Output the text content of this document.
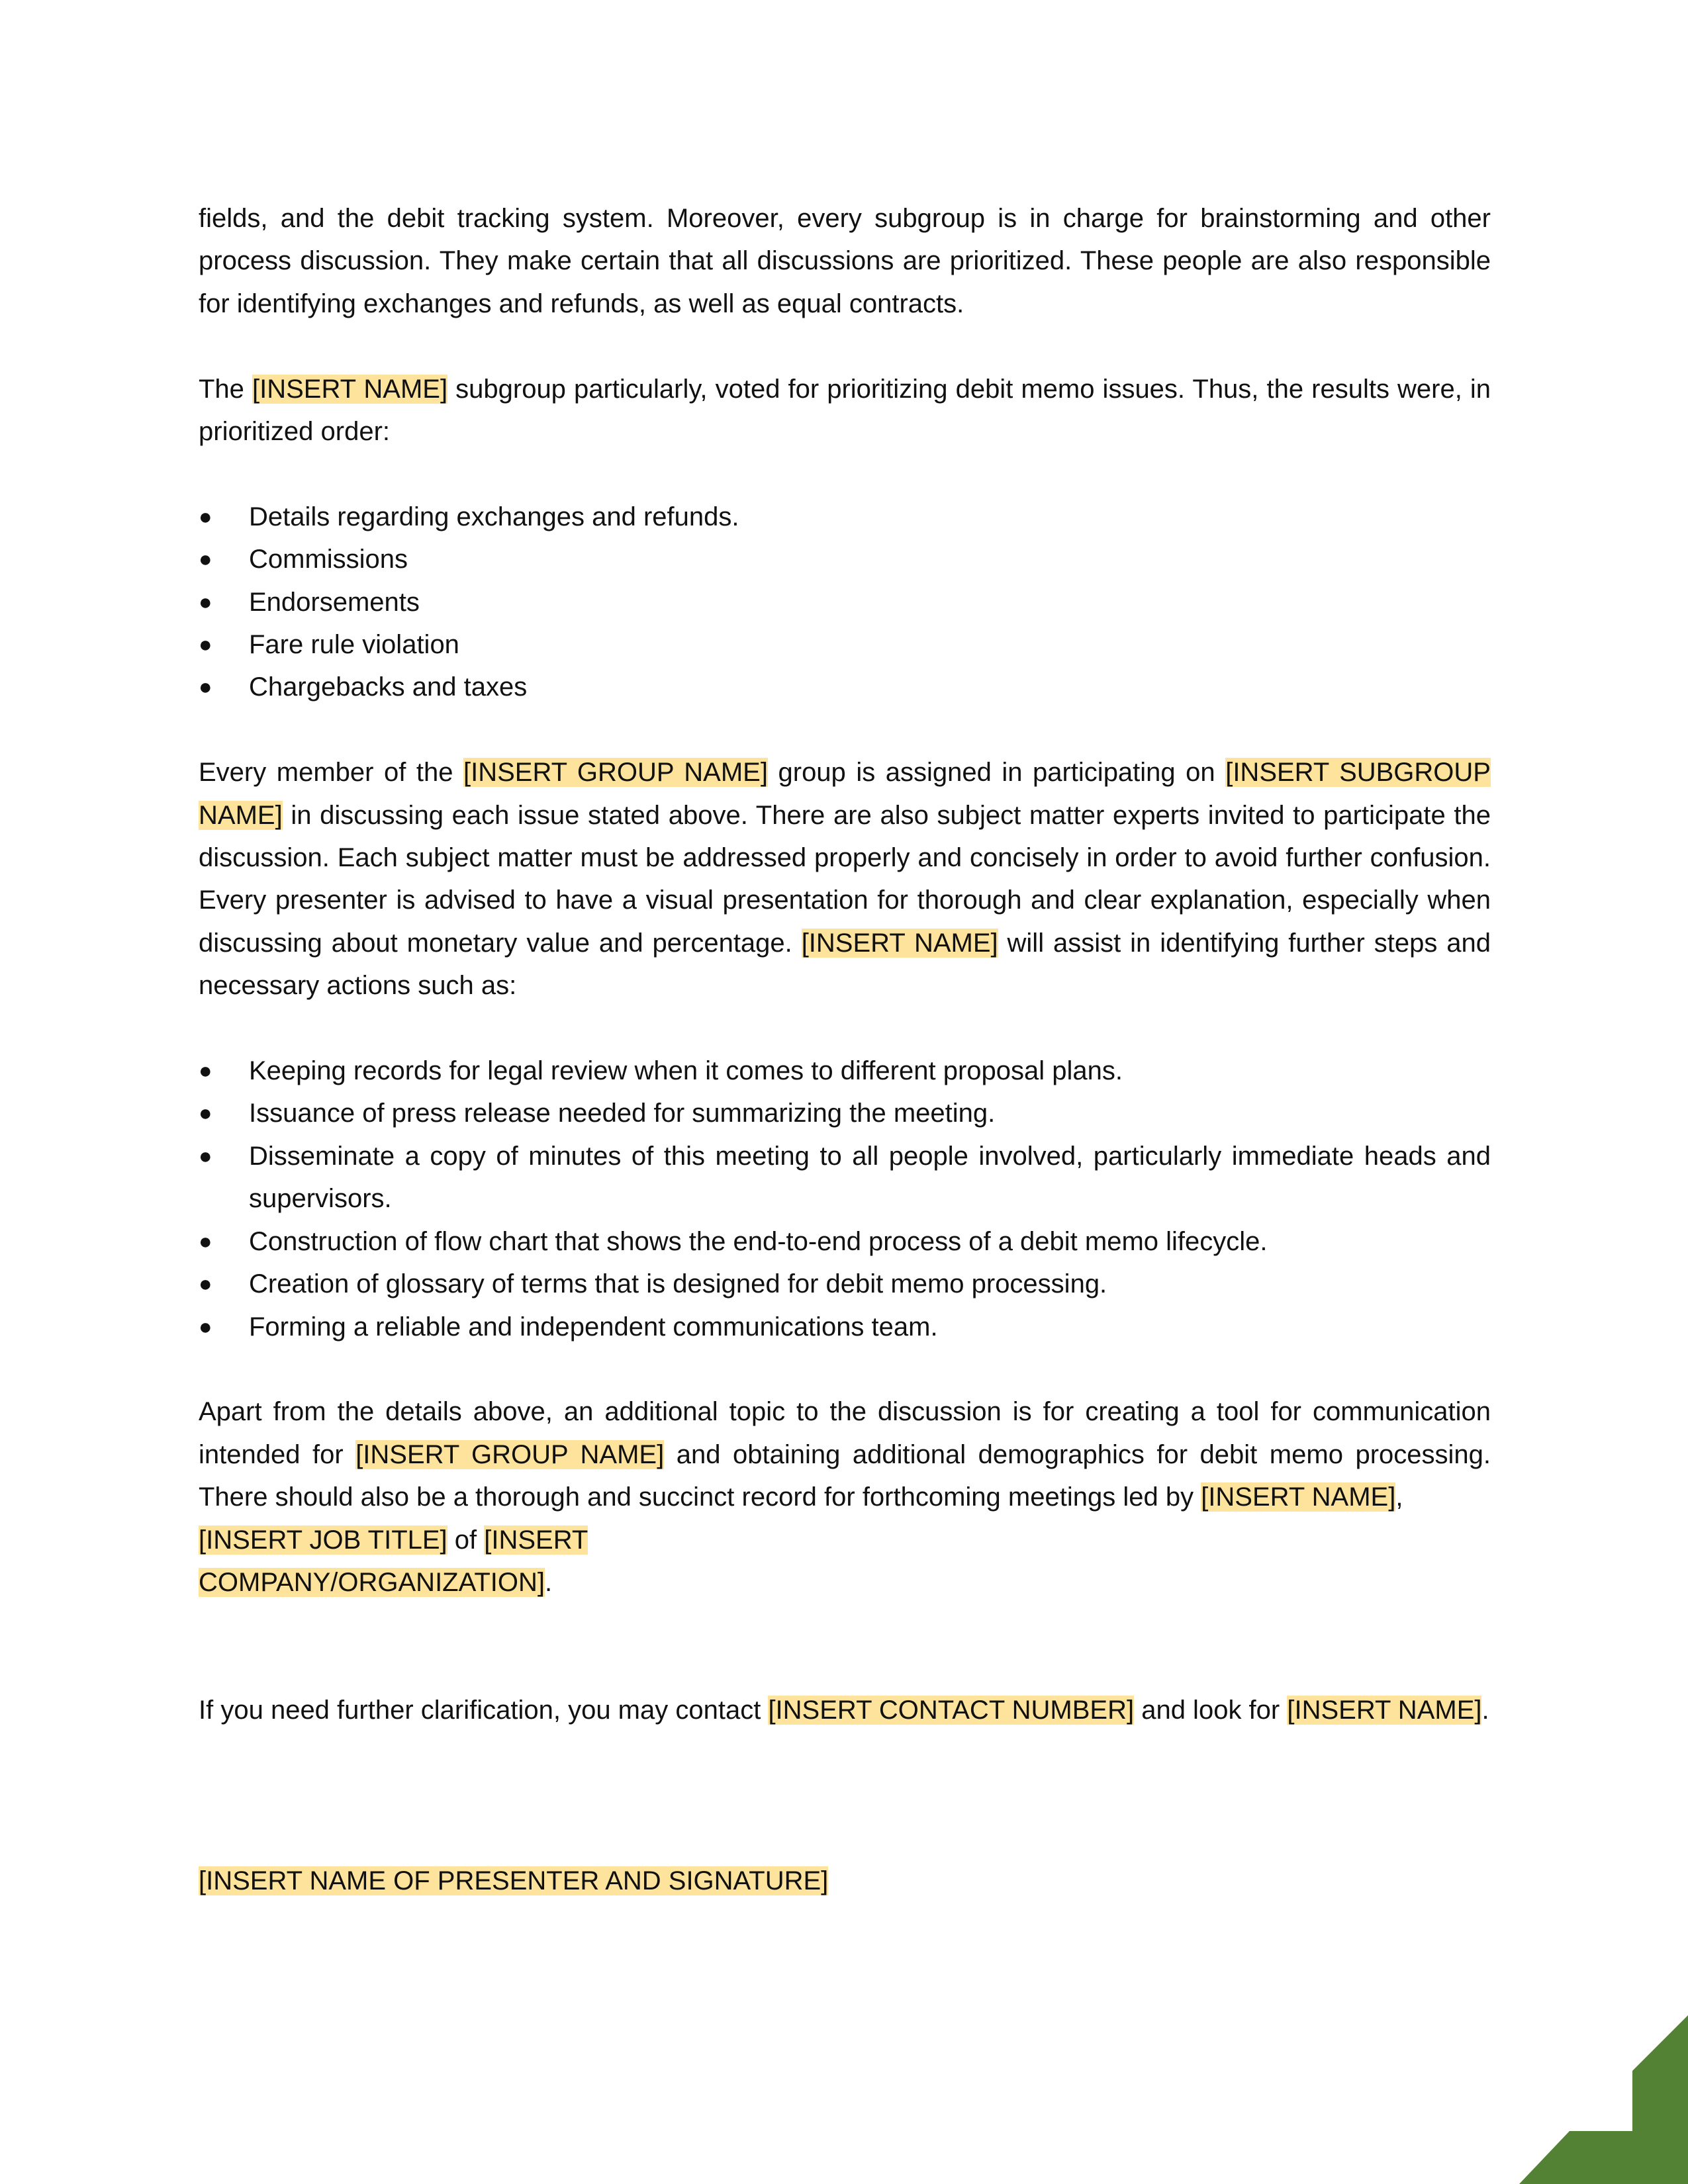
fields, and the debit tracking system. Moreover, every subgroup is in charge for brainstorming and other process discussion. They make certain that all discussions are prioritized. These people are also responsible for identifying exchanges and refunds, as well as equal contracts.

The [INSERT NAME] subgroup particularly, voted for prioritizing debit memo issues. Thus, the results were, in prioritized order:

●	Details regarding exchanges and refunds.
●	Commissions
●	Endorsements
●	Fare rule violation
●	Chargebacks and taxes

Every member of the [INSERT GROUP NAME] group is assigned in participating on [INSERT SUBGROUP NAME] in discussing each issue stated above. There are also subject matter experts invited to participate the discussion. Each subject matter must be addressed properly and concisely in order to avoid further confusion. Every presenter is advised to have a visual presentation for thorough and clear explanation, especially when discussing about monetary value and percentage. [INSERT NAME] will assist in identifying further steps and necessary actions such as:

●	Keeping records for legal review when it comes to different proposal plans.
●	Issuance of press release needed for summarizing the meeting.
●	Disseminate a copy of minutes of this meeting to all people involved, particularly immediate heads and supervisors.
●	Construction of flow chart that shows the end-to-end process of a debit memo lifecycle.
●	Creation of glossary of terms that is designed for debit memo processing.
●	Forming a reliable and independent communications team.

Apart from the details above, an additional topic to the discussion is for creating a tool for communication intended for [INSERT GROUP NAME] and obtaining additional demographics for debit memo processing. There should also be a thorough and succinct record for forthcoming meetings led by [INSERT NAME],
[INSERT JOB TITLE] of [INSERT
COMPANY/ORGANIZATION].

If you need further clarification, you may contact [INSERT CONTACT NUMBER] and look for [INSERT NAME].

[INSERT NAME OF PRESENTER AND SIGNATURE]
